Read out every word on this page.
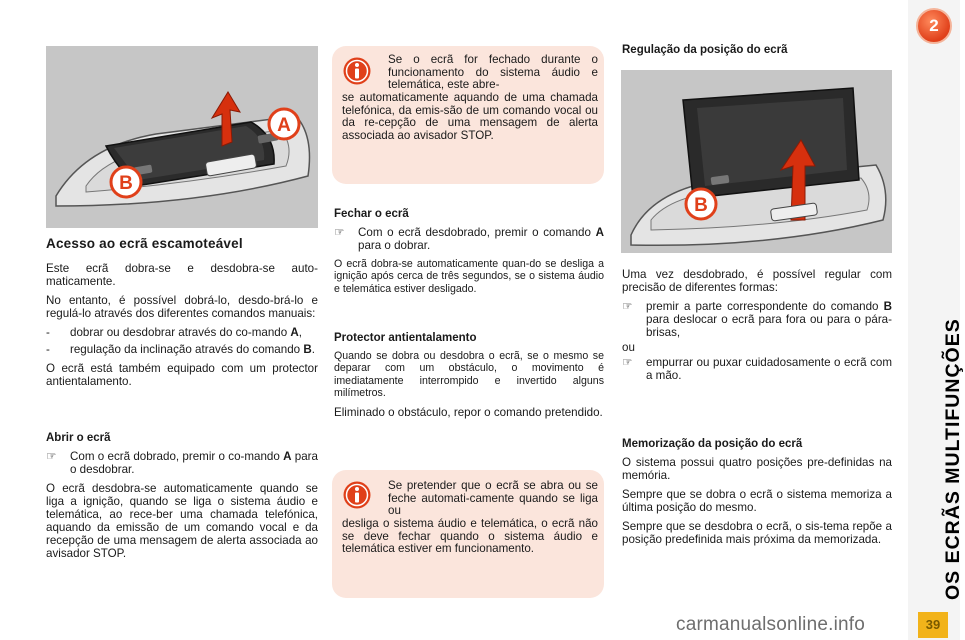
A
B
Acesso ao ecrã escamoteável

Este ecrã dobra-se e desdobra-se auto-maticamente.

No entanto, é possível dobrá-lo, desdo-brá-lo e regulá-lo através dos diferentes comandos manuais:

-	dobrar ou desdobrar através do co-mando A,
-	regulação da inclinação através do comando B.

O ecrã está também equipado com um protector antientalamento.

Abrir o ecrã
☞	Com o ecrã dobrado, premir o co-mando A para o desdobrar.

O ecrã desdobra-se automaticamente quando se liga a ignição, quando se liga o sistema áudio e telemática, ao rece-ber uma chamada telefónica, aquando da emissão de um comando vocal e da recepção de uma mensagem de alerta associada ao avisador STOP.

Se o ecrã for fechado durante o funcionamento do sistema áudio e telemática, este abre-
se automaticamente aquando de uma chamada telefónica, da emis-são de um comando vocal ou da re-cepção de uma mensagem de alerta associada ao avisador STOP.
Fechar o ecrã
☞	Com o ecrã desdobrado, premir o comando A para o dobrar.

O ecrã dobra-se automaticamente quan-do se desliga a ignição após cerca de três segundos, se o sistema áudio e telemática estiver desligado.

Protector antientalamento

Quando se dobra ou desdobra o ecrã, se o mesmo se deparar com um obstáculo, o movimento é imediatamente interrompido e invertido alguns milímetros.

Eliminado o obstáculo, repor o comando pretendido.

Se pretender que o ecrã se abra ou se feche automati-camente quando se liga ou
desliga o sistema áudio e telemática, o ecrã não se deve fechar quando o sistema áudio e telemática estiver em funcionamento.
Regulação da posição do ecrã
B

Uma vez desdobrado, é possível regular com precisão de diferentes formas:

☞	premir a parte correspondente do comando B para deslocar o ecrã para fora ou para o pára-brisas,

ou

☞	empurrar ou puxar cuidadosamente o ecrã com a mão.
Memorização da posição do ecrã

O sistema possui quatro posições pre-definidas na memória.

Sempre que se dobra o ecrã o sistema memoriza a última posição do mesmo.

Sempre que se desdobra o ecrã, o sis-tema repõe a posição predefinida mais próxima da memorizada.

2
OS ECRÃS MULTIFUNÇÕES
39
carmanualsonline.info
